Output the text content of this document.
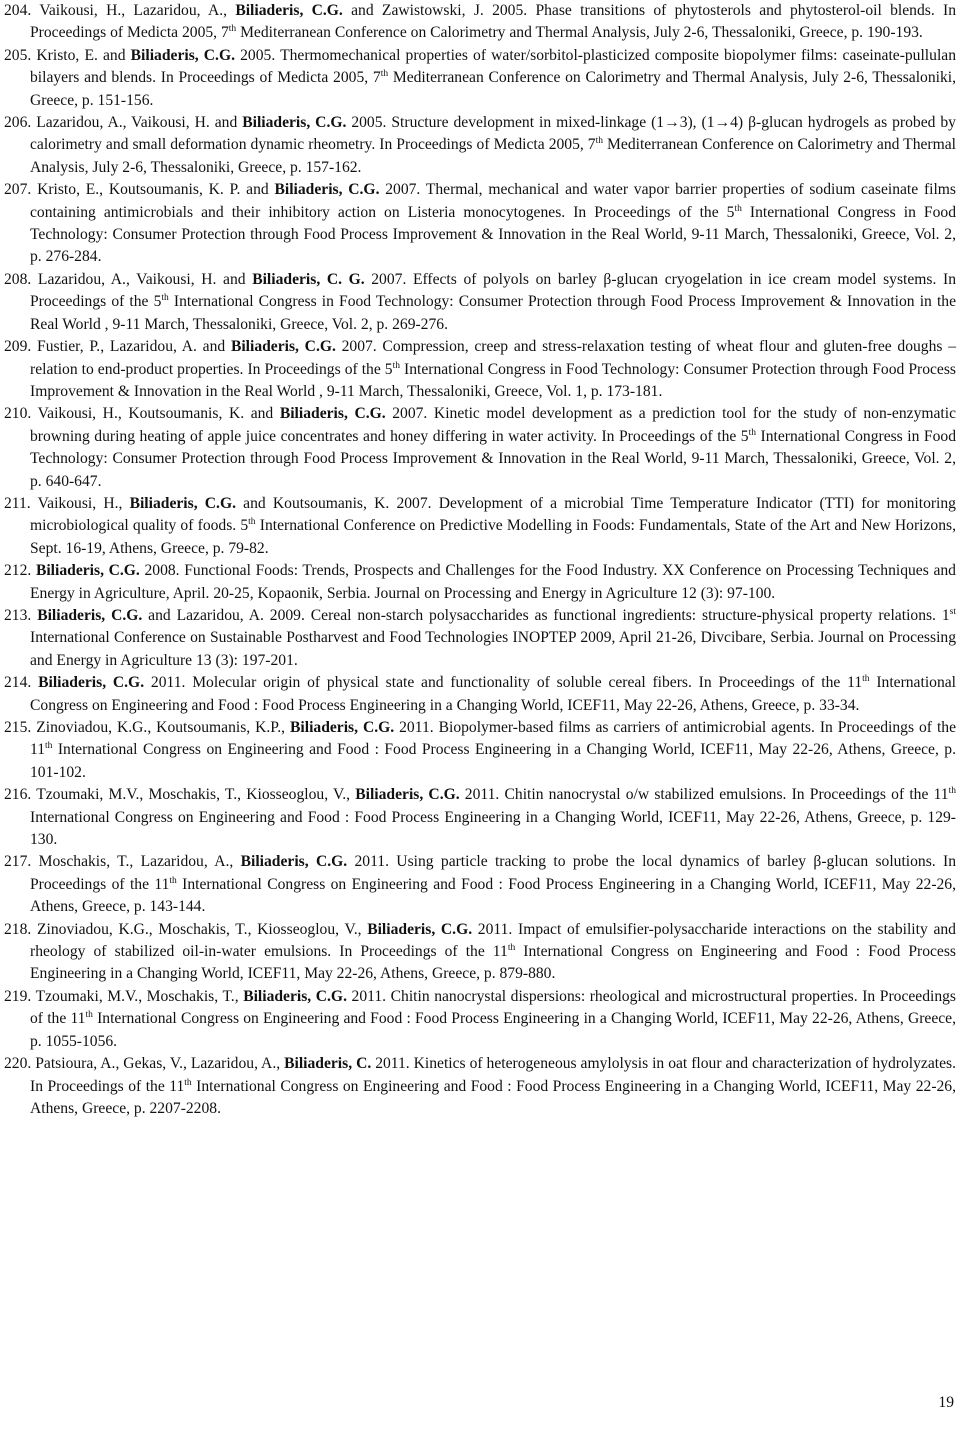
204. Vaikousi, H., Lazaridou, A., Biliaderis, C.G. and Zawistowski, J. 2005. Phase transitions of phytosterols and phytosterol-oil blends. In Proceedings of Medicta 2005, 7th Mediterranean Conference on Calorimetry and Thermal Analysis, July 2-6, Thessaloniki, Greece, p. 190-193.
205. Kristo, E. and Biliaderis, C.G. 2005. Thermomechanical properties of water/sorbitol-plasticized composite biopolymer films: caseinate-pullulan bilayers and blends. In Proceedings of Medicta 2005, 7th Mediterranean Conference on Calorimetry and Thermal Analysis, July 2-6, Thessaloniki, Greece, p. 151-156.
206. Lazaridou, A., Vaikousi, H. and Biliaderis, C.G. 2005. Structure development in mixed-linkage (1→3), (1→4) β-glucan hydrogels as probed by calorimetry and small deformation dynamic rheometry. In Proceedings of Medicta 2005, 7th Mediterranean Conference on Calorimetry and Thermal Analysis, July 2-6, Thessaloniki, Greece, p. 157-162.
207. Kristo, E., Koutsoumanis, K. P. and Biliaderis, C.G. 2007. Thermal, mechanical and water vapor barrier properties of sodium caseinate films containing antimicrobials and their inhibitory action on Listeria monocytogenes. In Proceedings of the 5th International Congress in Food Technology: Consumer Protection through Food Process Improvement & Innovation in the Real World, 9-11 March, Thessaloniki, Greece, Vol. 2, p. 276-284.
208. Lazaridou, A., Vaikousi, H. and Biliaderis, C. G. 2007. Effects of polyols on barley β-glucan cryogelation in ice cream model systems. In Proceedings of the 5th International Congress in Food Technology: Consumer Protection through Food Process Improvement & Innovation in the Real World , 9-11 March, Thessaloniki, Greece, Vol. 2, p. 269-276.
209. Fustier, P., Lazaridou, A. and Biliaderis, C.G. 2007. Compression, creep and stress-relaxation testing of wheat flour and gluten-free doughs – relation to end-product properties. In Proceedings of the 5th International Congress in Food Technology: Consumer Protection through Food Process Improvement & Innovation in the Real World , 9-11 March, Thessaloniki, Greece, Vol. 1, p. 173-181.
210. Vaikousi, H., Koutsoumanis, K. and Biliaderis, C.G. 2007. Kinetic model development as a prediction tool for the study of non-enzymatic browning during heating of apple juice concentrates and honey differing in water activity. In Proceedings of the 5th International Congress in Food Technology: Consumer Protection through Food Process Improvement & Innovation in the Real World, 9-11 March, Thessaloniki, Greece, Vol. 2, p. 640-647.
211. Vaikousi, H., Biliaderis, C.G. and Koutsoumanis, K. 2007. Development of a microbial Time Temperature Indicator (TTI) for monitoring microbiological quality of foods. 5th International Conference on Predictive Modelling in Foods: Fundamentals, State of the Art and New Horizons, Sept. 16-19, Athens, Greece, p. 79-82.
212. Biliaderis, C.G. 2008. Functional Foods: Trends, Prospects and Challenges for the Food Industry. XX Conference on Processing Techniques and Energy in Agriculture, April. 20-25, Kopaonik, Serbia. Journal on Processing and Energy in Agriculture 12 (3): 97-100.
213. Biliaderis, C.G. and Lazaridou, A. 2009. Cereal non-starch polysaccharides as functional ingredients: structure-physical property relations. 1st International Conference on Sustainable Postharvest and Food Technologies INOPTEP 2009, April 21-26, Divcibare, Serbia. Journal on Processing and Energy in Agriculture 13 (3): 197-201.
214. Biliaderis, C.G. 2011. Molecular origin of physical state and functionality of soluble cereal fibers. In Proceedings of the 11th International Congress on Engineering and Food : Food Process Engineering in a Changing World, ICEF11, May 22-26, Athens, Greece, p. 33-34.
215. Zinoviadou, K.G., Koutsoumanis, K.P., Biliaderis, C.G. 2011. Biopolymer-based films as carriers of antimicrobial agents. In Proceedings of the 11th International Congress on Engineering and Food : Food Process Engineering in a Changing World, ICEF11, May 22-26, Athens, Greece, p. 101-102.
216. Tzoumaki, M.V., Moschakis, T., Kiosseoglou, V., Biliaderis, C.G. 2011. Chitin nanocrystal o/w stabilized emulsions. In Proceedings of the 11th International Congress on Engineering and Food : Food Process Engineering in a Changing World, ICEF11, May 22-26, Athens, Greece, p. 129-130.
217. Moschakis, T., Lazaridou, A., Biliaderis, C.G. 2011. Using particle tracking to probe the local dynamics of barley β-glucan solutions. In Proceedings of the 11th International Congress on Engineering and Food : Food Process Engineering in a Changing World, ICEF11, May 22-26, Athens, Greece, p. 143-144.
218. Zinoviadou, K.G., Moschakis, T., Kiosseoglou, V., Biliaderis, C.G. 2011. Impact of emulsifier-polysaccharide interactions on the stability and rheology of stabilized oil-in-water emulsions. In Proceedings of the 11th International Congress on Engineering and Food : Food Process Engineering in a Changing World, ICEF11, May 22-26, Athens, Greece, p. 879-880.
219. Tzoumaki, M.V., Moschakis, T., Biliaderis, C.G. 2011. Chitin nanocrystal dispersions: rheological and microstructural properties. In Proceedings of the 11th International Congress on Engineering and Food : Food Process Engineering in a Changing World, ICEF11, May 22-26, Athens, Greece, p. 1055-1056.
220. Patsioura, A., Gekas, V., Lazaridou, A., Biliaderis, C. 2011. Kinetics of heterogeneous amylolysis in oat flour and characterization of hydrolyzates. In Proceedings of the 11th International Congress on Engineering and Food : Food Process Engineering in a Changing World, ICEF11, May 22-26, Athens, Greece, p. 2207-2208.
19
